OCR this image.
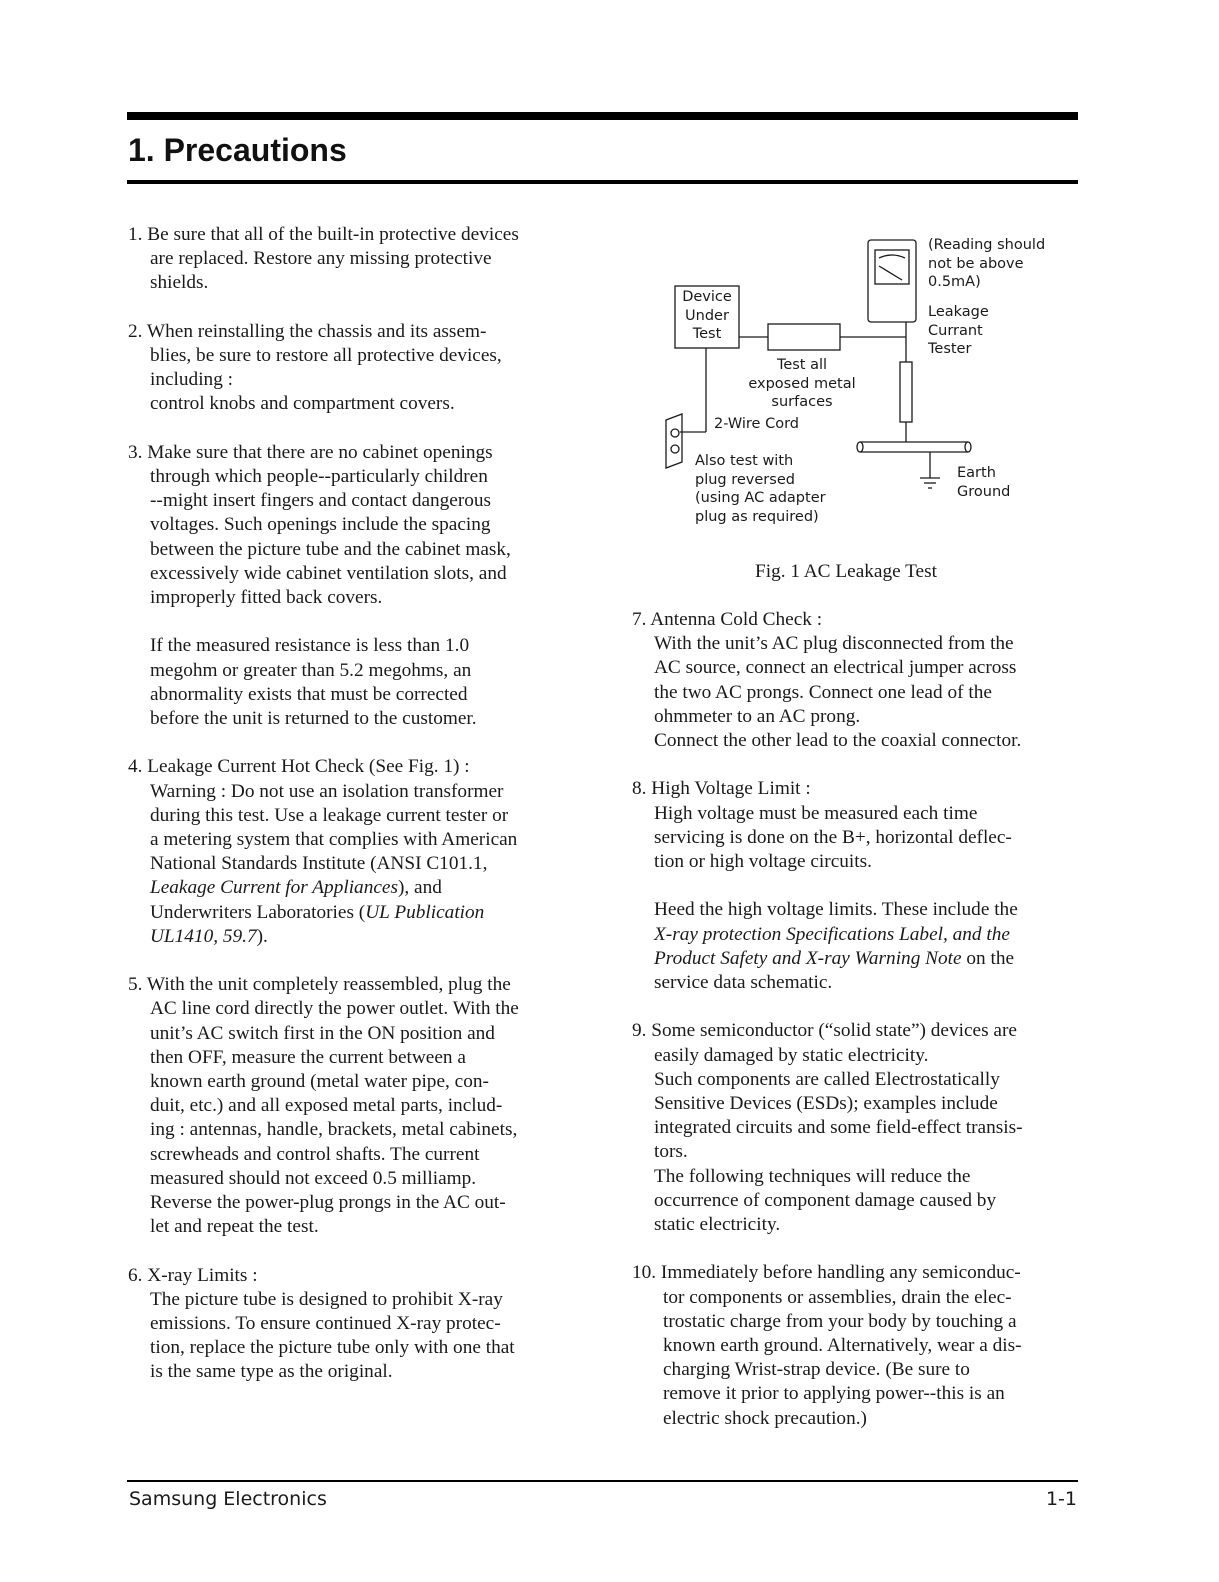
1. Precautions
1. Be sure that all of the built-in protective devices
are replaced. Restore any missing protective
shields.
2. When reinstalling the chassis and its assem-
blies, be sure to restore all protective devices,
including :
control knobs and compartment covers.
3. Make sure that there are no cabinet openings
through which people--particularly children
--might insert fingers and contact dangerous
voltages. Such openings include the spacing
between the picture tube and the cabinet mask,
excessively wide cabinet ventilation slots, and
improperly fitted back covers.
If the measured resistance is less than 1.0
megohm or greater than 5.2 megohms, an
abnormality exists that must be corrected
before the unit is returned to the customer.
4. Leakage Current Hot Check (See Fig. 1) :
Warning : Do not use an isolation transformer
during this test. Use a leakage current tester or
a metering system that complies with American
National Standards Institute (ANSI C101.1,
Leakage Current for Appliances), and
Underwriters Laboratories (UL Publication
UL1410, 59.7).
5. With the unit completely reassembled, plug the
AC line cord directly the power outlet. With the
unit’s AC switch first in the ON position and
then OFF, measure the current between a
known earth ground (metal water pipe, con-
duit, etc.) and all exposed metal parts, includ-
ing : antennas, handle, brackets, metal cabinets,
screwheads and control shafts. The current
measured should not exceed 0.5 milliamp.
Reverse the power-plug prongs in the AC out-
let and repeat the test.
6. X-ray Limits :
The picture tube is designed to prohibit X-ray
emissions. To ensure continued X-ray protec-
tion, replace the picture tube only with one that
is the same type as the original.
Device
Under
Test
(Reading should
not be above
0.5mA)
Leakage
Currant
Tester
Test all
exposed metal
surfaces
2-Wire Cord
Also test with
plug reversed
(using AC adapter
plug as required)
Earth
Ground
Fig. 1 AC Leakage Test
7. Antenna Cold Check :
With the unit’s AC plug disconnected from the
AC source, connect an electrical jumper across
the two AC prongs. Connect one lead of the
ohmmeter to an AC prong.
Connect the other lead to the coaxial connector.
8. High Voltage Limit :
High voltage must be measured each time
servicing is done on the B+, horizontal deflec-
tion or high voltage circuits.
Heed the high voltage limits. These include the
X-ray protection Specifications Label, and the
Product Safety and X-ray Warning Note on the
service data schematic.
9. Some semiconductor (“solid state”) devices are
easily damaged by static electricity.
Such components are called Electrostatically
Sensitive Devices (ESDs); examples include
integrated circuits and some field-effect transis-
tors.
The following techniques will reduce the
occurrence of component damage caused by
static electricity.
10. Immediately before handling any semiconduc-
tor components or assemblies, drain the elec-
trostatic charge from your body by touching a
known earth ground. Alternatively, wear a dis-
charging Wrist-strap device. (Be sure to
remove it prior to applying power--this is an
electric shock precaution.)
Samsung Electronics	1-1
